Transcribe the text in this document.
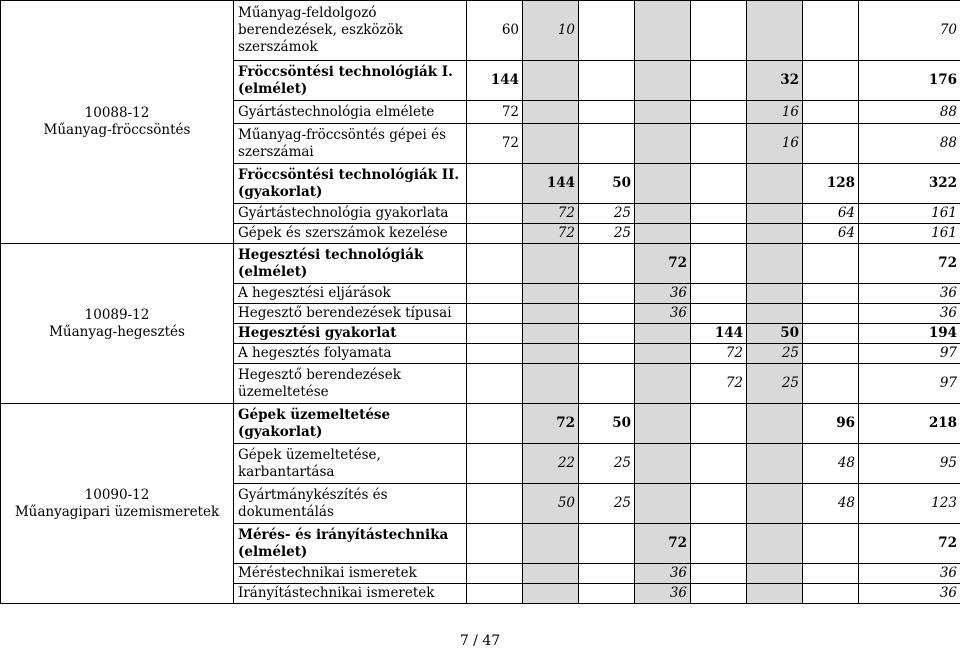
10088-12
Műanyag-fröccsöntés	Műanyag-feldolgozó berendezések, eszközök szerszámok	60	10						70
	Fröccsöntési technológiák I. (elmélet)	144					32		176
	Gyártástechnológia elmélete	72					16		88
	Műanyag-fröccsöntés gépei és szerszámai	72					16		88
	Fröccsöntési technológiák II. (gyakorlat)		144	50				128	322
	Gyártástechnológia gyakorlata		72	25				64	161
	Gépek és szerszámok kezelése		72	25				64	161

10089-12
Műanyag-hegesztés	Hegesztési technológiák (elmélet)				72				72
	A hegesztési eljárások				36				36
	Hegesztő berendezések típusai				36				36
	Hegesztési gyakorlat					144	50		194
	A hegesztés folyamata					72	25		97
	Hegesztő berendezések üzemeltetése					72	25		97

10090-12
Műanyagipari üzemismeretek	Gépek üzemeltetése (gyakorlat)		72	50				96	218
	Gépek üzemeltetése, karbantartása		22	25				48	95
	Gyártmánykészítés és dokumentálás		50	25				48	123
	Mérés- és irányítástechnika (elmélet)				72				72
	Méréstechnikai ismeretek				36				36
	Irányítástechnikai ismeretek				36				36
7 / 47
